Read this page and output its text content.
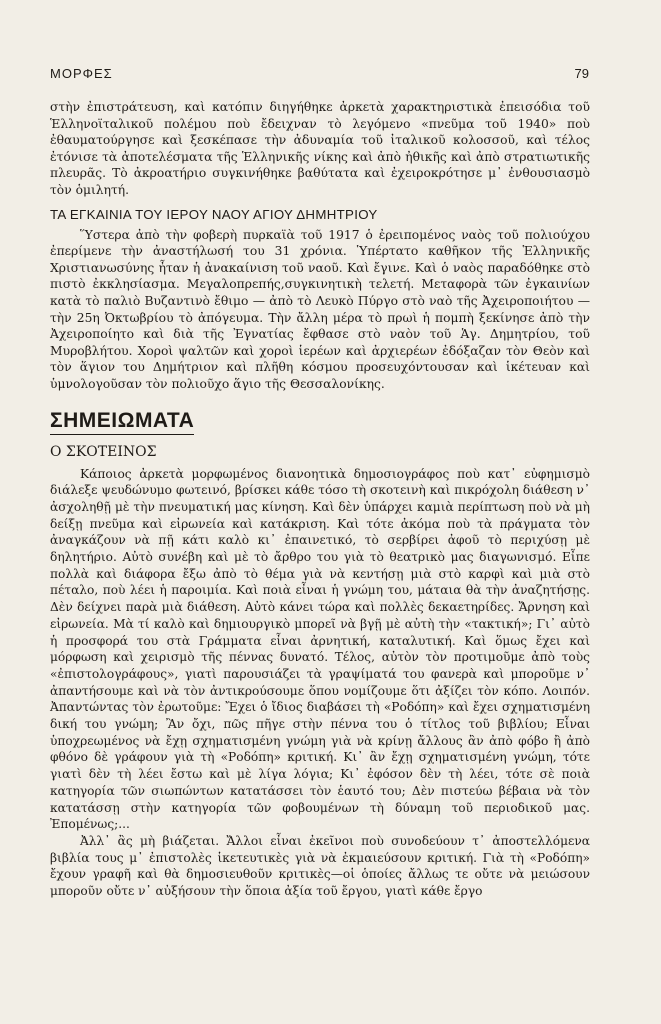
ΜΟΡΦΕΣ	79

στὴν ἐπιστράτευση, καὶ κατόπιν διηγήθηκε ἀρκετὰ χαρακτηριστικὰ ἐπεισόδια τοῦ Ἑλληνοϊταλικοῦ πολέμου ποὺ ἔδειχναν τὸ λεγόμενο «πνεῦμα τοῦ 1940» ποὺ ἐθαυματούργησε καὶ ξεσκέπασε τὴν ἀδυναμία τοῦ ἰταλικοῦ κολοσσοῦ, καὶ τέλος ἐτόνισε τὰ ἀποτελέσματα τῆς Ἑλληνικῆς νίκης καὶ ἀπὸ ἠθικῆς καὶ ἀπὸ στρατιωτικῆς πλευρᾶς. Τὸ ἀκροατήριο συγκινήθηκε βαθύτατα καὶ ἐχειροκρότησε μ᾽ ἐνθουσιασμὸ τὸν ὁμιλητή.

ΤΑ ΕΓΚΑΙΝΙΑ ΤΟΥ ΙΕΡΟΥ ΝΑΟΥ ΑΓΙΟΥ ΔΗΜΗΤΡΙΟΥ

Ὕστερα ἀπὸ τὴν φοβερὴ πυρκαϊὰ τοῦ 1917 ὁ ἐρειπομένος ναὸς τοῦ πολιούχου ἐπερίμενε τὴν ἀναστήλωσή του 31 χρόνια. Ὑπέρτατο καθῆκον τῆς Ἑλληνικῆς Χριστιανωσύνης ἦταν ἡ ἀνακαίνιση τοῦ ναοῦ. Καὶ ἔγινε. Καὶ ὁ ναὸς παραδόθηκε στὸ πιστὸ ἐκκλησίασμα. Μεγαλοπρεπής,συγκινητικὴ τελετή. Μεταφορὰ τῶν ἐγκαινίων κατὰ τὸ παλιὸ Βυζαντινὸ ἔθιμο — ἀπὸ τὸ Λευκὸ Πύργο στὸ ναὸ τῆς Ἀχειροποιήτου — τὴν 25η Ὀκτωβρίου τὸ ἀπόγευμα. Τὴν ἄλλη μέρα τὸ πρωὶ ἡ πομπὴ ξεκίνησε ἀπὸ τὴν Ἀχειροποίητο καὶ διὰ τῆς Ἐγνατίας ἔφθασε στὸ ναὸν τοῦ Ἁγ. Δημητρίου, τοῦ Μυροβλήτου. Χοροὶ ψαλτῶν καὶ χοροὶ ἱερέων καὶ ἀρχιερέων ἐδόξαζαν τὸν Θεὸν καὶ τὸν ἅγιον του Δημήτριον καὶ πλῆθη κόσμου προσευχόντουσαν καὶ ἱκέτευαν καὶ ὑμνολογοῦσαν τὸν πολιοῦχο ἅγιο τῆς Θεσσαλονίκης.

ΣΗΜΕΙΩΜΑΤΑ
Ο ΣΚΟΤΕΙΝΟΣ

Κάποιος ἀρκετὰ μορφωμένος διανοητικὰ δημοσιογράφος ποὺ κατ᾽ εὐφημισμὸ διάλεξε ψευδώνυμο φωτεινό, βρίσκει κάθε τόσο τὴ σκοτεινὴ καὶ πικρόχολη διάθεση ν᾽ ἀσχοληθῇ μὲ τὴν πνευματική μας κίνηση. Καὶ δὲν ὑπάρχει καμιὰ περίπτωση ποὺ νὰ μὴ δείξῃ πνεῦμα καὶ εἰρωνεία καὶ κατάκριση. Καὶ τότε ἀκόμα ποὺ τὰ πράγματα τὸν ἀναγκάζουν νὰ πῇ κάτι καλὸ κι᾽ ἐπαινετικό, τὸ σερβίρει ἀφοῦ τὸ περιχύσῃ μὲ δηλητήριο. Αὐτὸ συνέβη καὶ μὲ τὸ ἄρθρο του γιὰ τὸ θεατρικὸ μας διαγωνισμό. Εἶπε πολλὰ καὶ διάφορα ἔξω ἀπὸ τὸ θέμα γιὰ νὰ κεντήσῃ μιὰ στὸ καρφὶ καὶ μιὰ στὸ πέταλο, ποὺ λέει ἡ παροιμία. Καὶ ποιὰ εἶναι ἡ γνώμη του, μάταια θὰ τὴν ἀναζητήσῃς. Δὲν δείχνει παρὰ μιὰ διάθεση. Αὐτὸ κάνει τώρα καὶ πολλὲς δεκαετηρίδες. Ἄρνηση καὶ εἰρωνεία. Μὰ τί καλὸ καὶ δημιουργικὸ μπορεῖ νὰ βγῇ μὲ αὐτὴ τὴν «τακτική»; Γι᾽ αὐτὸ ἡ προσφορά του στὰ Γράμματα εἶναι ἀρνητική, καταλυτική. Καὶ ὅμως ἔχει καὶ μόρφωση καὶ χειρισμὸ τῆς πέννας δυνατό. Τέλος, αὐτὸν τὸν προτιμοῦμε ἀπὸ τοὺς «ἐπιστολογράφους», γιατὶ παρουσιάζει τὰ γραψίματά του φανερὰ καὶ μποροῦμε ν᾽ ἀπαντήσουμε καὶ νὰ τὸν ἀντικρούσουμε ὅπου νομίζουμε ὅτι ἀξίζει τὸν κόπο. Λοιπόν. Ἀπαντώντας τὸν ἐρωτοῦμε: Ἔχει ὁ ἴδιος διαβάσει τὴ «Ροδόπη» καὶ ἔχει σχηματισμένη δική του γνώμη; Ἂν ὄχι, πῶς πῆγε στὴν πέννα του ὁ τίτλος τοῦ βιβλίου; Εἶναι ὑποχρεωμένος νὰ ἔχῃ σχηματισμένη γνώμη γιὰ νὰ κρίνῃ ἄλλους ἂν ἀπὸ φόβο ἢ ἀπὸ φθόνο δὲ γράφουν γιὰ τὴ «Ροδόπη» κριτική. Κι᾽ ἂν ἔχῃ σχηματισμένη γνώμη, τότε γιατὶ δὲν τὴ λέει ἔστω καὶ μὲ λίγα λόγια; Κι᾽ ἐφόσον δὲν τὴ λέει, τότε σὲ ποιὰ κατηγορία τῶν σιωπώντων κατατάσσει τὸν ἑαυτό του; Δὲν πιστεύω βέβαια νὰ τὸν κατατάσσῃ στὴν κατηγορία τῶν φοβουμένων τὴ δύναμη τοῦ περιοδικοῦ μας. Ἐπομένως;...

Ἀλλ᾽ ἂς μὴ βιάζεται. Ἄλλοι εἶναι ἐκεῖνοι ποὺ συνοδεύουν τ᾽ ἀποστελλόμενα βιβλία τους μ᾽ ἐπιστολὲς ἱκετευτικὲς γιὰ νὰ ἐκμαιεύσουν κριτική. Γιὰ τὴ «Ροδόπη» ἔχουν γραφῆ καὶ θὰ δημοσιευθοῦν κριτικὲς—οἱ ὁποίες ἄλλως τε οὔτε νὰ μειώσουν μποροῦν οὔτε ν᾽ αὐξήσουν τὴν ὅποια ἀξία τοῦ ἔργου, γιατὶ κάθε ἔργο
